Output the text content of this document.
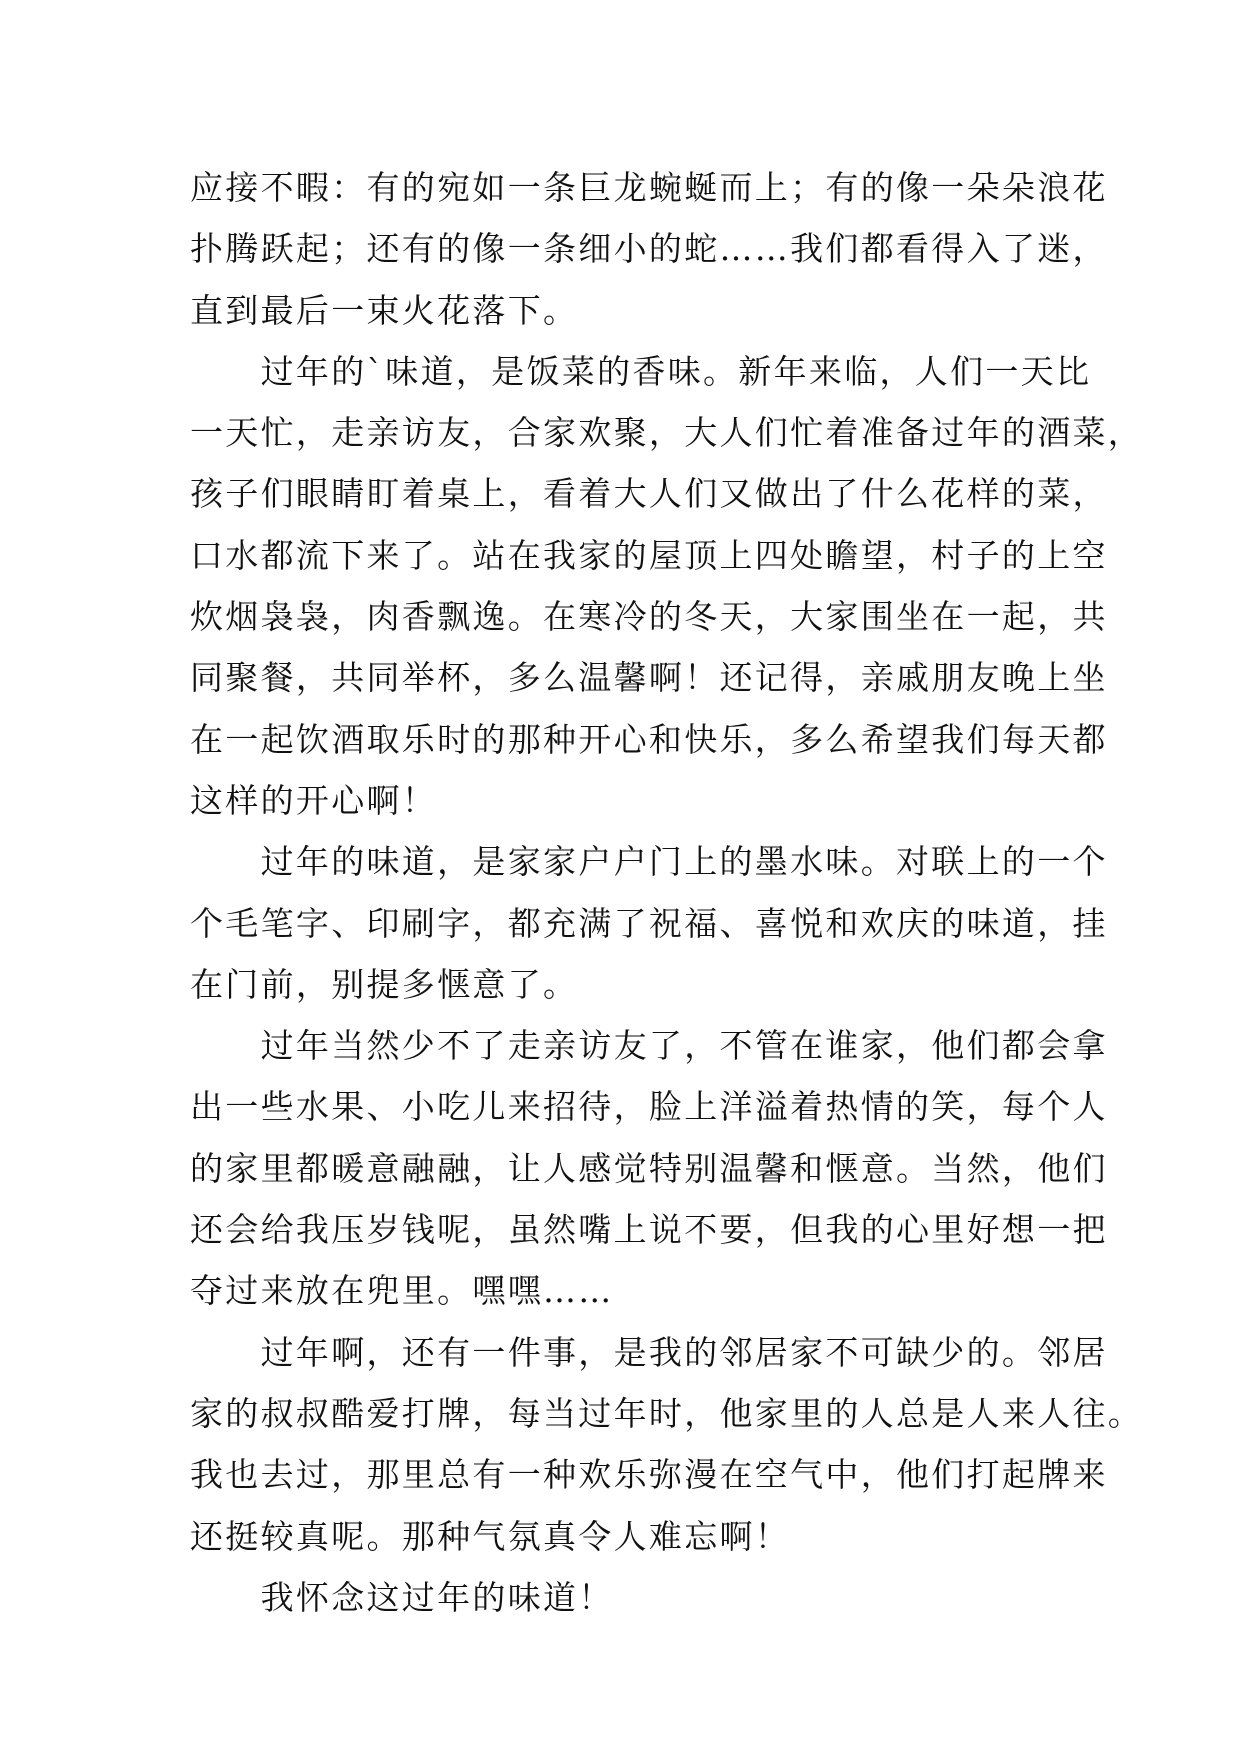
应接不暇：有的宛如一条巨龙蜿蜒而上；有的像一朵朵浪花
扑腾跃起；还有的像一条细小的蛇……我们都看得入了迷，
直到最后一束火花落下。
　　过年的`味道，是饭菜的香味。新年来临，人们一天比
一天忙，走亲访友，合家欢聚，大人们忙着准备过年的酒菜，
孩子们眼睛盯着桌上，看着大人们又做出了什么花样的菜，
口水都流下来了。站在我家的屋顶上四处瞻望，村子的上空
炊烟袅袅，肉香飘逸。在寒冷的冬天，大家围坐在一起，共
同聚餐，共同举杯，多么温馨啊！还记得，亲戚朋友晚上坐
在一起饮酒取乐时的那种开心和快乐，多么希望我们每天都
这样的开心啊！
　　过年的味道，是家家户户门上的墨水味。对联上的一个
个毛笔字、印刷字，都充满了祝福、喜悦和欢庆的味道，挂
在门前，别提多惬意了。
　　过年当然少不了走亲访友了，不管在谁家，他们都会拿
出一些水果、小吃儿来招待，脸上洋溢着热情的笑，每个人
的家里都暖意融融，让人感觉特别温馨和惬意。当然，他们
还会给我压岁钱呢，虽然嘴上说不要，但我的心里好想一把
夺过来放在兜里。嘿嘿……
　　过年啊，还有一件事，是我的邻居家不可缺少的。邻居
家的叔叔酷爱打牌，每当过年时，他家里的人总是人来人往。
我也去过，那里总有一种欢乐弥漫在空气中，他们打起牌来
还挺较真呢。那种气氛真令人难忘啊！
　　我怀念这过年的味道！
